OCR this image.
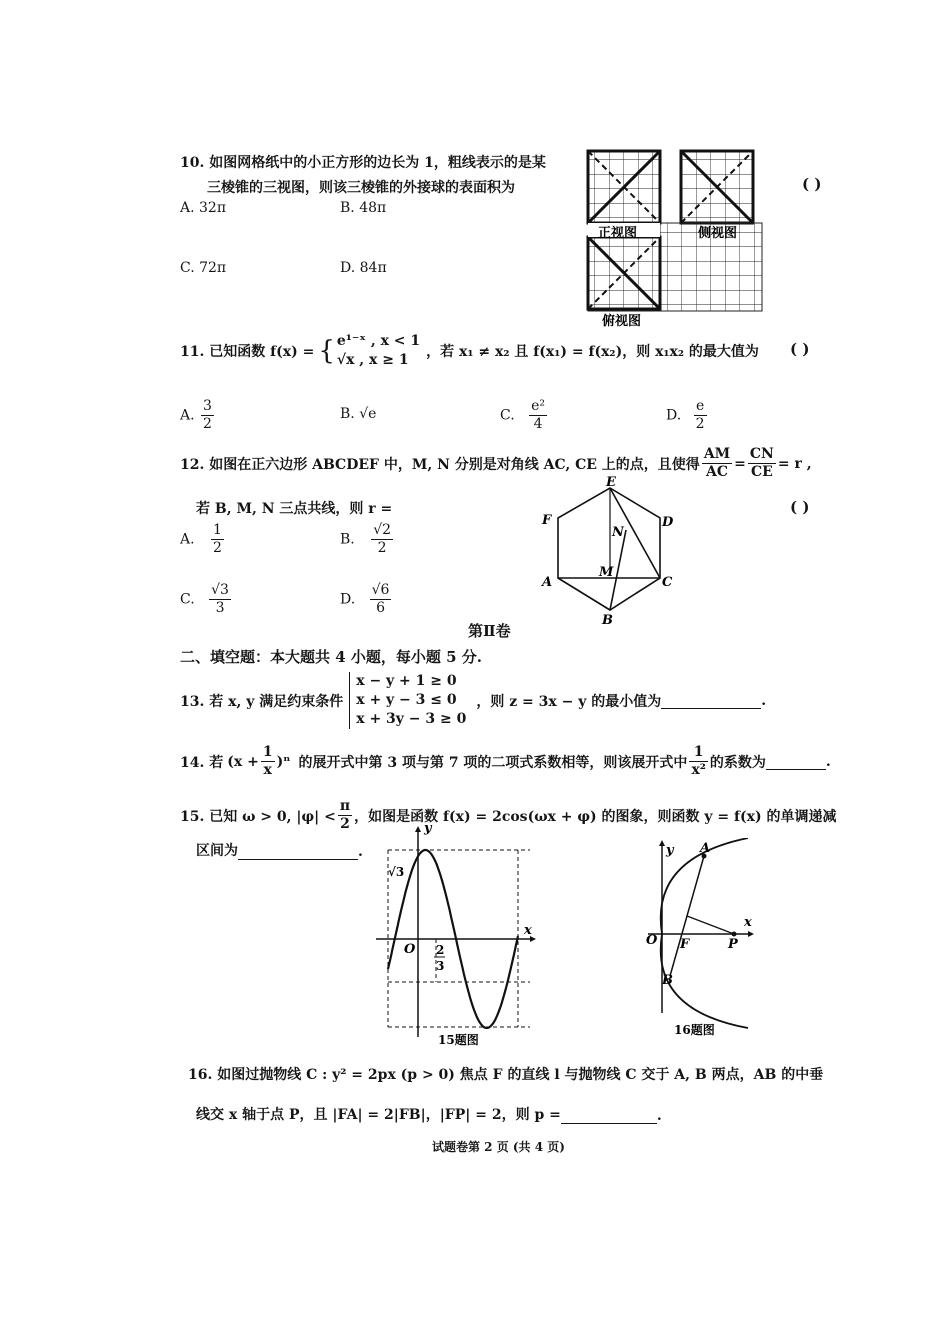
10. 如图网格纸中的小正方形的边长为 1，粗线表示的是某
三棱锥的三视图，则该三棱锥的外接球的表面积为	( )
A. 32π	B. 48π
C. 72π	D. 84π
正视图	侧视图
俯视图
11. 已知函数 f(x) = { e¹⁻ˣ , x < 1
√x , x ≥ 1	，若 x₁ ≠ x₂ 且 f(x₁) = f(x₂)，则 x₁x₂ 的最大值为 ( )
A. $\frac{3}{2}$	B. √e	C. $\frac{\text{e²}}{4}$	D. $\frac{e}{2}$
12. 如图在正六边形 ABCDEF 中，M, N 分别是对角线 AC, CE 上的点，且使得 $\frac{AM}{AC} = \frac{CN}{CE} = r$ ,
若 B, M, N 三点共线，则 r =	( )
A. $\frac{1}{2}$	B. $\frac{√2}{2}$
C. $\frac{√3}{3}$	D. $\frac{√6}{6}$
E
D
F
A	C
B
M
N
第Ⅱ卷
二、填空题：本大题共 4 小题，每小题 5 分.
13. 若 x, y 满足约束条件
x − y + 1 ≥ 0
x + y − 3 ≤ 0
x + 3y − 3 ≥ 0
，则 z = 3x − y 的最小值为	.
14. 若 $(x + \frac{1}{x} )^n$ 的展开式中第 3 项与第 7 项的二项式系数相等，则该展开式中 $\frac{1}{\text{x²}}$ 的系数为	.
15. 已知 ω > 0, $|\varphi| < \frac{\pi}{2}$ ，如图是函数 f(x) = 2cos(ωx + φ) 的图象，则函数 y = f(x) 的单调递减
区间为	.
y
x
O
√3
2
3
15题图
y
x
O F	P
A
B
16题图
16. 如图过抛物线 C : y² = 2px (p > 0) 焦点 F 的直线 l 与抛物线 C 交于 A, B 两点，AB 的中垂
线交 x 轴于点 P，且 |FA| = 2|FB|，|FP| = 2，则 p =	.
试题卷第 2 页 (共 4 页)
